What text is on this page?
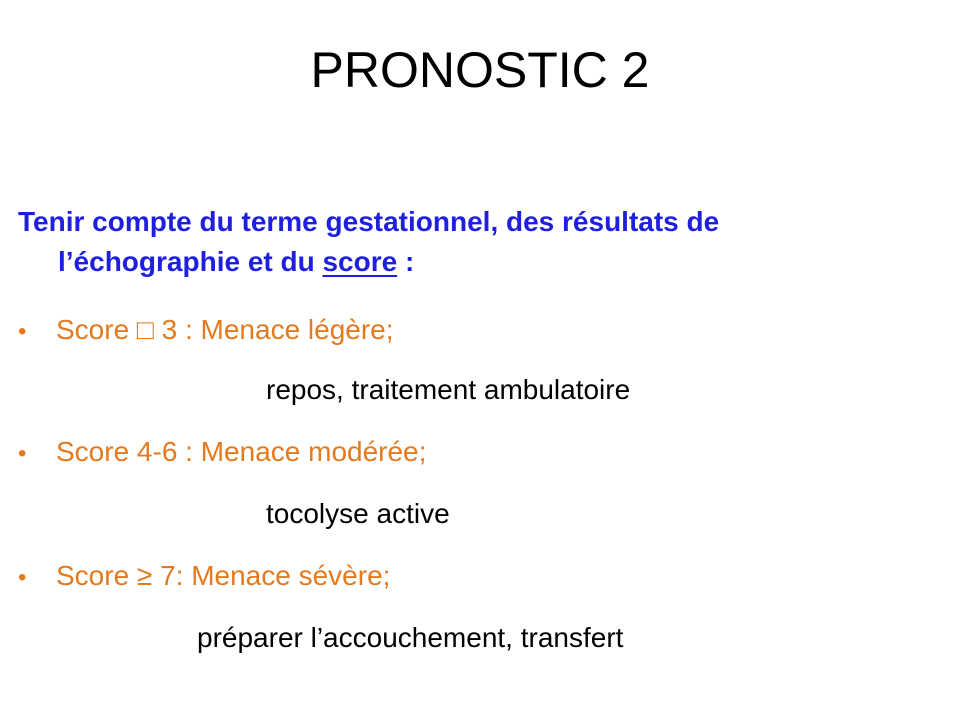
PRONOSTIC 2
Tenir compte du terme gestationnel, des résultats de
l’échographie et du score :
• Score □ 3 : Menace légère;
repos, traitement ambulatoire
• Score 4-6 : Menace modérée;
tocolyse active
• Score ≥ 7: Menace sévère;
préparer l’accouchement, transfert
